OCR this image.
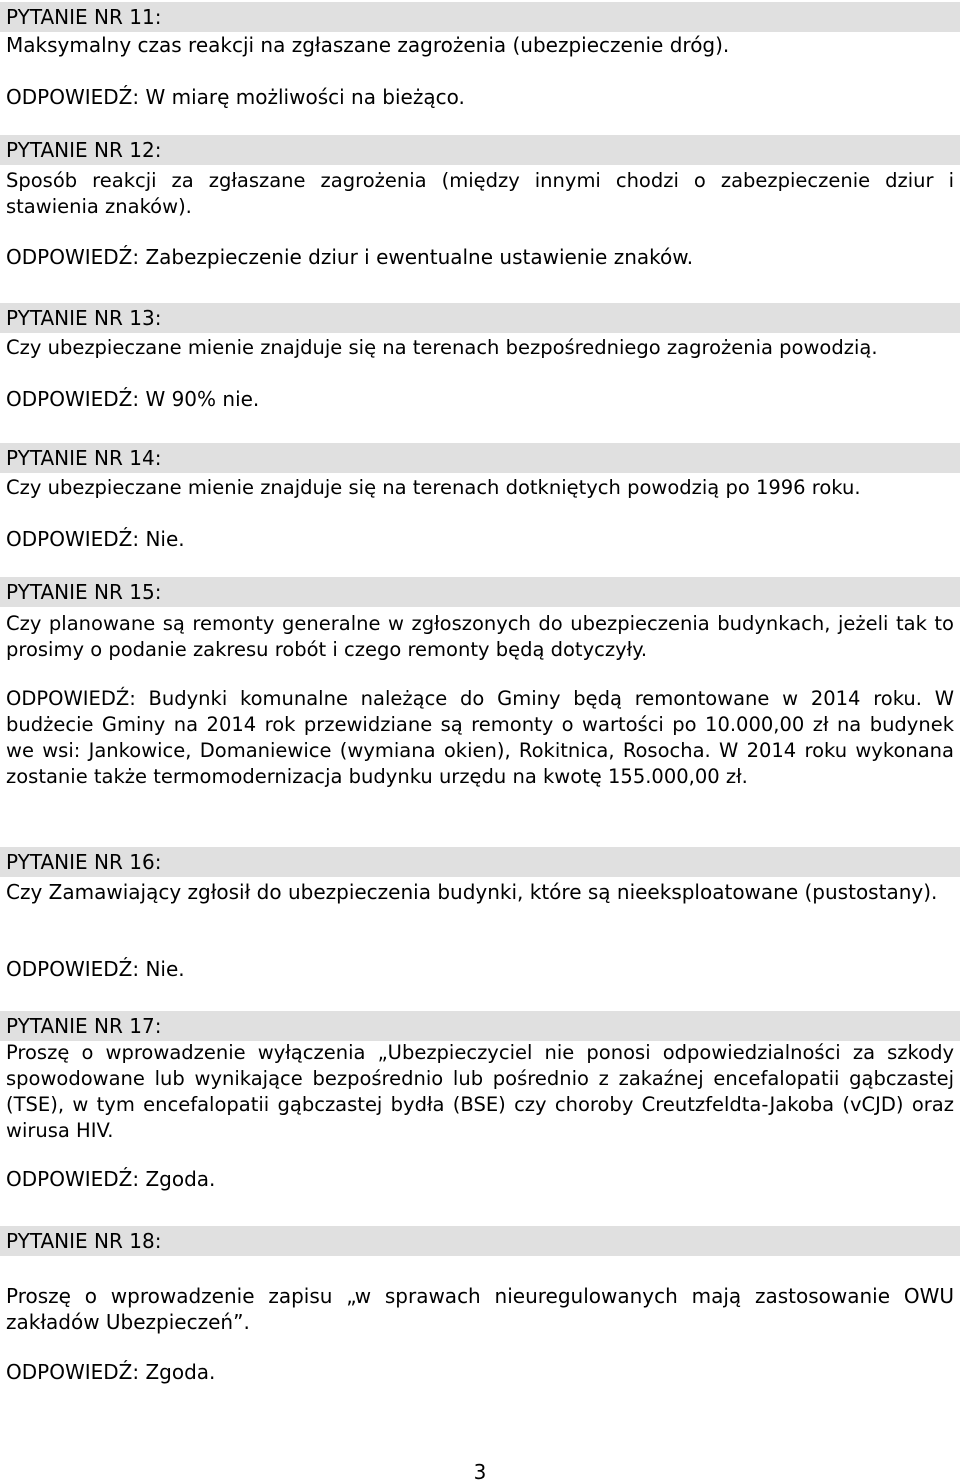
PYTANIE NR 11:

Maksymalny czas reakcji na zgłaszane zagrożenia (ubezpieczenie dróg).

ODPOWIEDŹ: W miarę możliwości na bieżąco.

PYTANIE NR 12:

Sposób reakcji za zgłaszane zagrożenia (między innymi chodzi o zabezpieczenie dziur i stawienia znaków).

ODPOWIEDŹ: Zabezpieczenie dziur i ewentualne ustawienie znaków.

PYTANIE NR 13:

Czy ubezpieczane mienie znajduje się na terenach bezpośredniego zagrożenia powodzią.

ODPOWIEDŹ: W 90% nie.

PYTANIE NR 14:

Czy ubezpieczane mienie znajduje się na terenach dotkniętych powodzią po 1996 roku.

ODPOWIEDŹ: Nie.

PYTANIE NR 15:

Czy planowane są remonty generalne w zgłoszonych do ubezpieczenia budynkach, jeżeli tak to prosimy o podanie zakresu robót i czego remonty będą dotyczyły.

ODPOWIEDŹ: Budynki komunalne należące do Gminy będą remontowane w 2014 roku. W budżecie Gminy na 2014 rok przewidziane są remonty o wartości po 10.000,00 zł na budynek we wsi: Jankowice, Domaniewice (wymiana okien), Rokitnica, Rosocha. W 2014 roku wykonana zostanie także termomodernizacja budynku urzędu na kwotę 155.000,00 zł.

PYTANIE NR 16:

Czy Zamawiający zgłosił do ubezpieczenia budynki, które są nieeksploatowane (pustostany).

ODPOWIEDŹ: Nie.

PYTANIE NR 17:

Proszę o wprowadzenie wyłączenia „Ubezpieczyciel nie ponosi odpowiedzialności za szkody spowodowane lub wynikające bezpośrednio lub pośrednio z zakaźnej encefalopatii gąbczastej (TSE), w tym encefalopatii gąbczastej bydła (BSE) czy choroby Creutzfeldta-Jakoba (vCJD) oraz wirusa HIV.

ODPOWIEDŹ: Zgoda.

PYTANIE NR 18:

Proszę o wprowadzenie zapisu „w sprawach nieuregulowanych mają zastosowanie OWU zakładów Ubezpieczeń”.

ODPOWIEDŹ: Zgoda.

3
